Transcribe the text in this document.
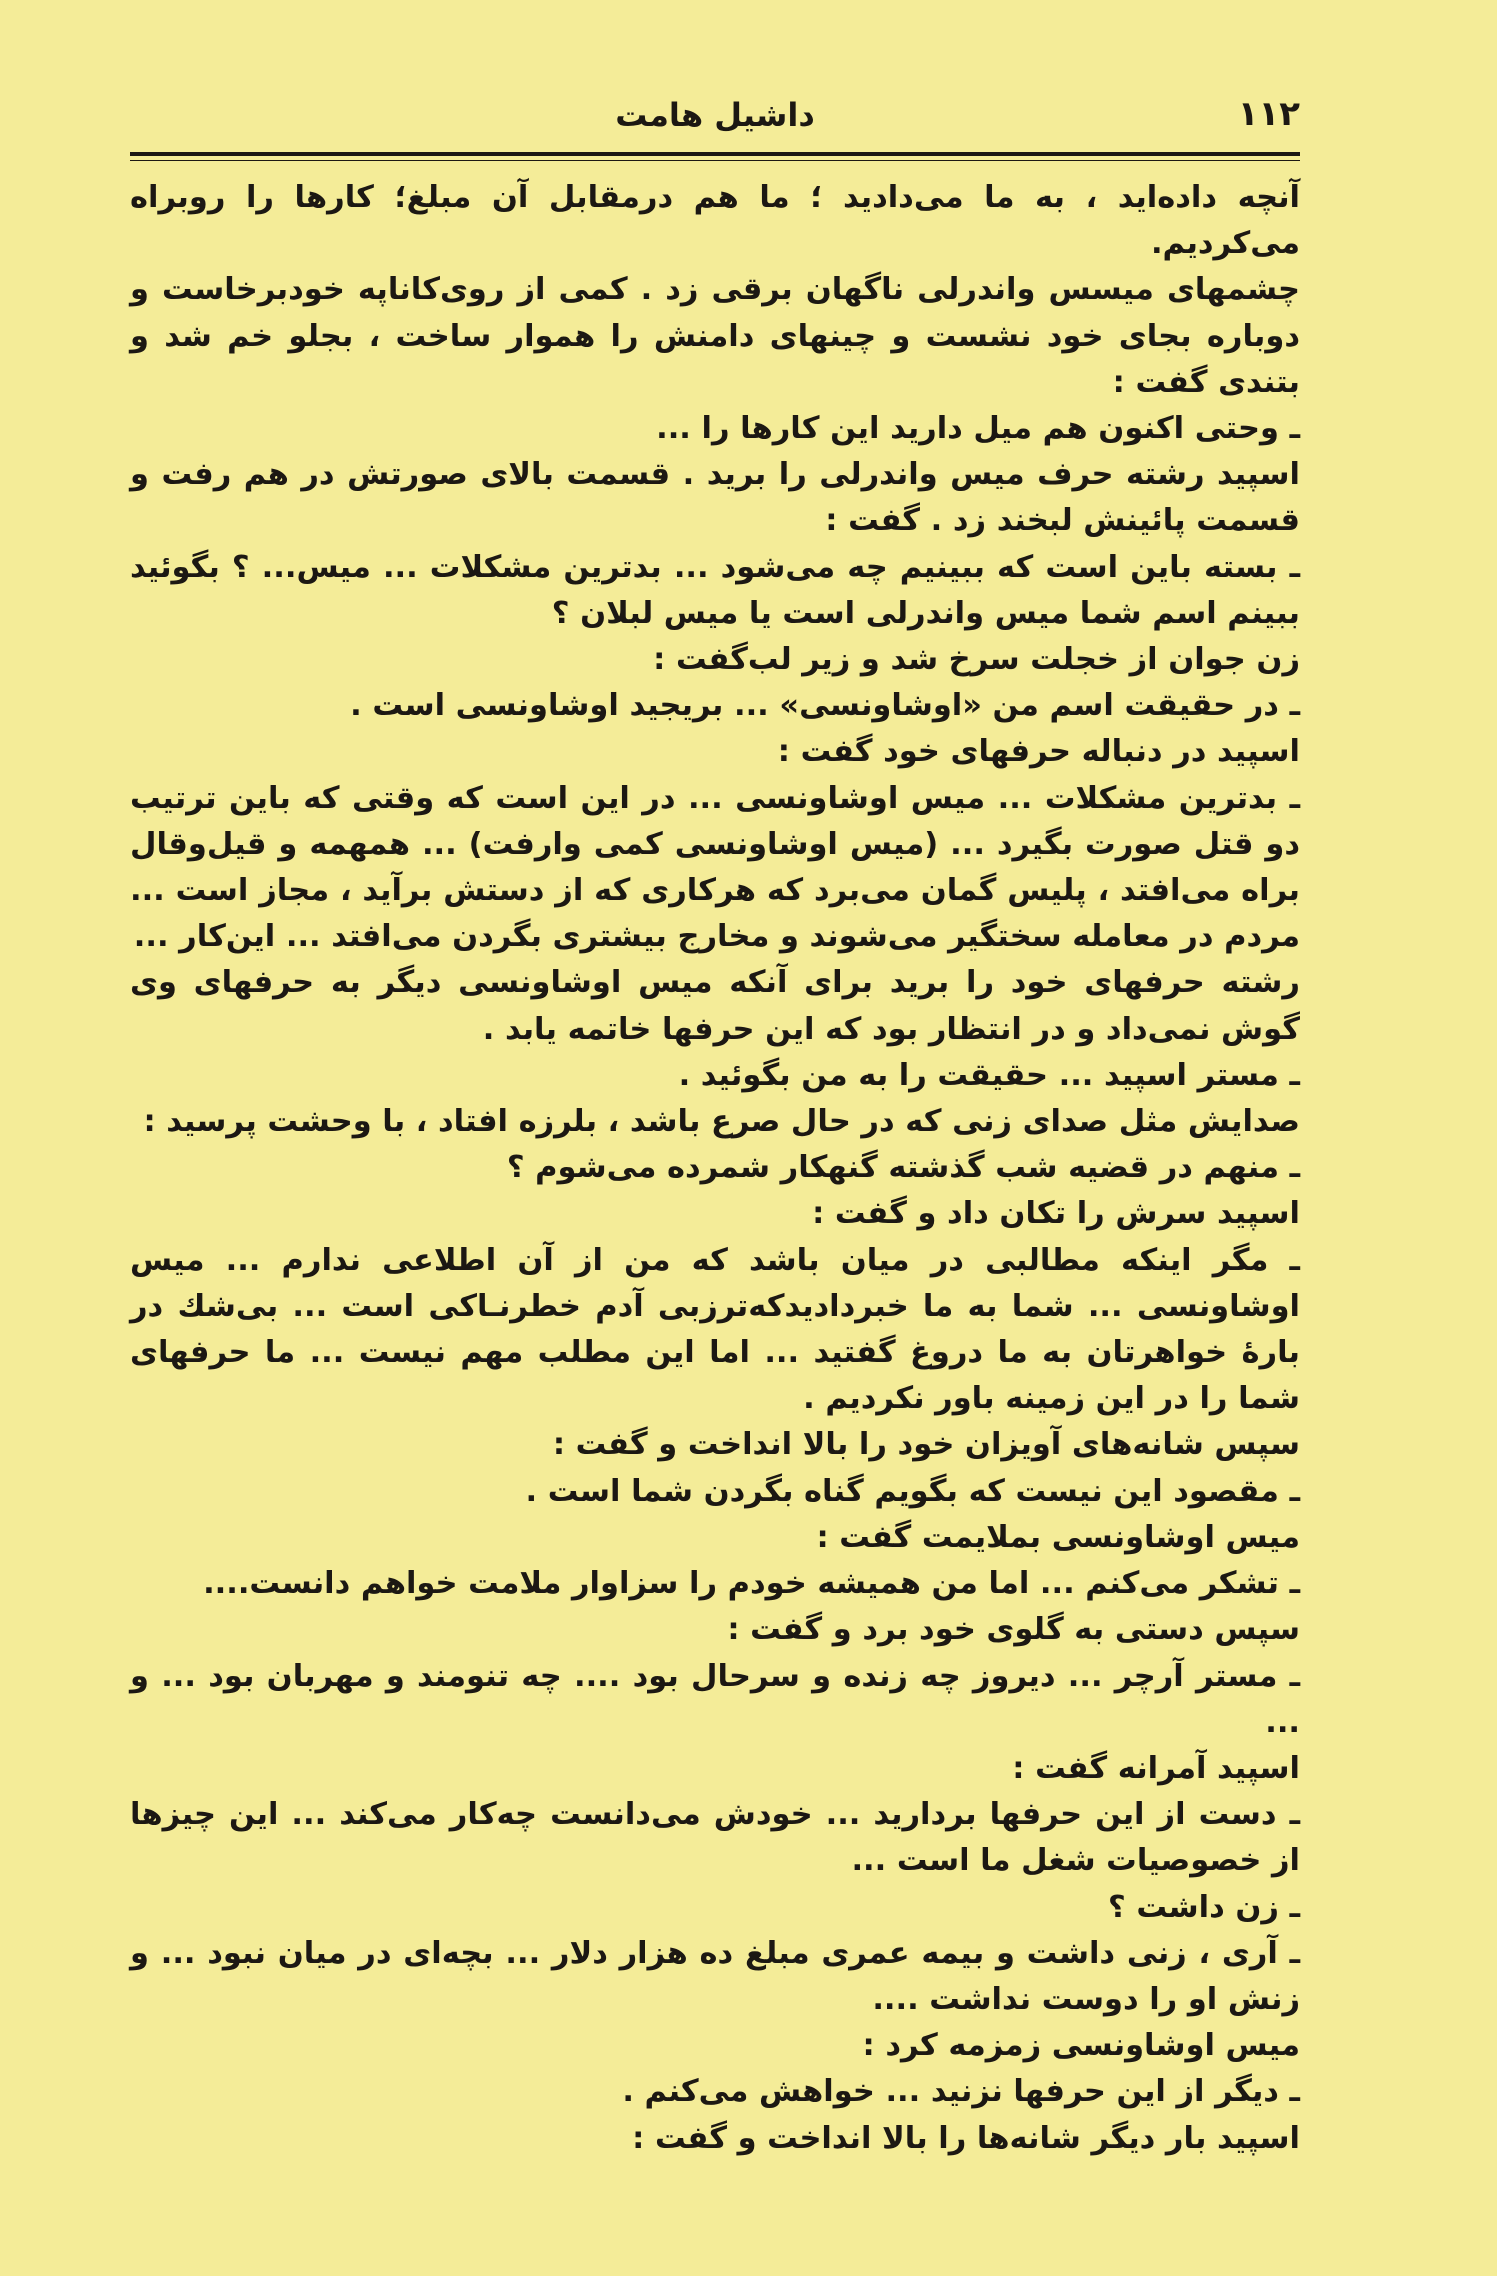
۱۱۲
داشیل هامت

آنچه داده‌اید ، به ما می‌دادید ؛ ما هم درمقابل آن مبلغ؛ کارها را روبراه می‌کردیم.

چشمهای میسس واندرلی ناگهان برقی زد . کمی از روی‌کاناپه خودبرخاست و دوباره بجای خود نشست و چینهای دامنش را هموار ساخت ، بجلو خم شد و بتندی گفت :

ـ وحتی اکنون هم میل دارید این کارها را ...

اسپید رشته حرف میس واندرلی را برید . قسمت بالای صورتش در هم رفت و قسمت پائینش لبخند زد . گفت :

ـ بسته باین است که ببینیم چه می‌شود ... بدترین مشکلات ... میس... ؟ بگوئید ببینم اسم شما میس واندرلی است یا میس لبلان ؟

زن جوان از خجلت سرخ شد و زیر لب‌گفت :

ـ در حقیقت اسم من «اوشاونسی» ... بریجید اوشاونسی است .

اسپید در دنباله حرفهای خود گفت :

ـ بدترین مشکلات ... میس اوشاونسی ... در این است که وقتی که باین ترتیب دو قتل صورت بگیرد ... (میس اوشاونسی کمی وارفت) ... همهمه و قیل‌وقال براه می‌افتد ، پلیس گمان می‌برد که هرکاری که از دستش برآید ، مجاز است ... مردم در معامله سختگیر می‌شوند و مخارج بیشتری بگردن می‌افتد ... این‌کار ...

رشته حرفهای خود را برید برای آنکه میس اوشاونسی دیگر به حرفهای وی گوش نمی‌داد و در انتظار بود که این حرفها خاتمه یابد .

ـ مستر اسپید ... حقیقت را به من بگوئید .

صدایش مثل صدای زنی که در حال صرع باشد ، بلرزه افتاد ، با وحشت پرسید :

ـ منهم در قضیه شب گذشته گنهکار شمرده می‌شوم ؟

اسپید سرش را تکان داد و گفت :

ـ مگر اینکه مطالبی در میان باشد که من از آن اطلاعی ندارم ... میس اوشاونسی ... شما به ما خبردادیدکه‌ترزبی آدم خطرنـاکی است ... بی‌شك در بارهٔ خواهرتان به ما دروغ گفتید ... اما این مطلب مهم نیست ... ما حرفهای شما را در این زمینه باور نکردیم .

سپس شانه‌های آویزان خود را بالا انداخت و گفت :

ـ مقصود این نیست که بگویم گناه بگردن شما است .

میس اوشاونسی بملایمت گفت :

ـ تشکر می‌کنم ... اما من همیشه خودم را سزاوار ملامت خواهم دانست....

سپس دستی به گلوی خود برد و گفت :

ـ مستر آرچر ... دیروز چه زنده و سرحال بود .... چه تنومند و مهربان بود ... و ...

اسپید آمرانه گفت :

ـ دست از این حرفها بردارید ... خودش می‌دانست چه‌کار می‌کند ... این چیزها از خصوصیات شغل ما است ...

ـ زن داشت ؟

ـ آری ، زنی داشت و بیمه عمری مبلغ ده هزار دلار ... بچه‌ای در میان نبود ... و زنش او را دوست نداشت ....

میس اوشاونسی زمزمه کرد :

ـ دیگر از این حرفها نزنید ... خواهش می‌کنم .

اسپید بار دیگر شانه‌ها را بالا انداخت و گفت :
